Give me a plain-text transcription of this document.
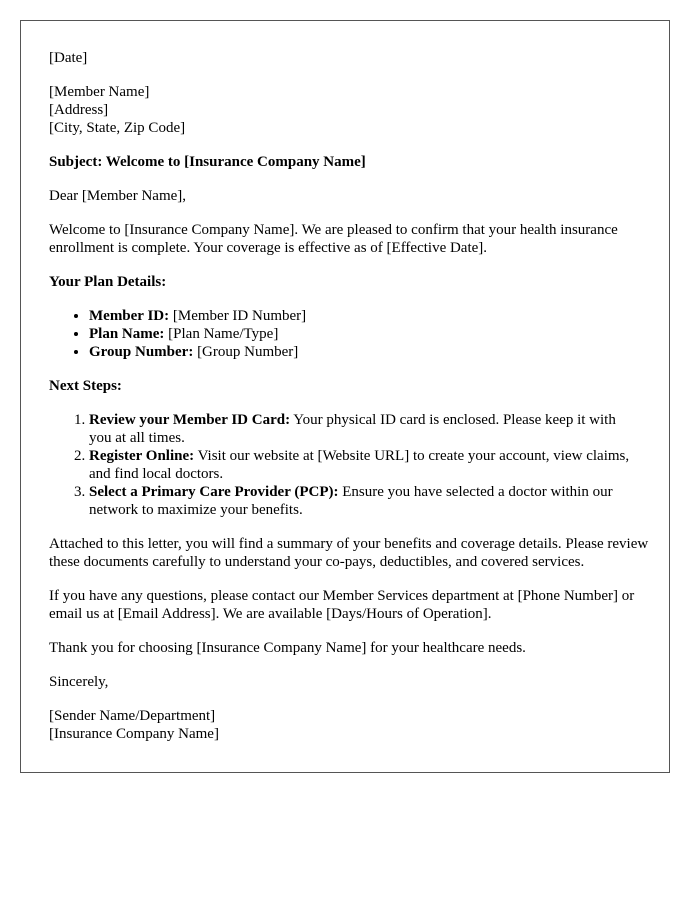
[Date]

[Member Name]
[Address]
[City, State, Zip Code]

Subject: Welcome to [Insurance Company Name]

Dear [Member Name],

Welcome to [Insurance Company Name]. We are pleased to confirm that your health insurance enrollment is complete. Your coverage is effective as of [Effective Date].

Your Plan Details:

• Member ID: [Member ID Number]
• Plan Name: [Plan Name/Type]
• Group Number: [Group Number]

Next Steps:

1. Review your Member ID Card: Your physical ID card is enclosed. Please keep it with you at all times.
2. Register Online: Visit our website at [Website URL] to create your account, view claims, and find local doctors.
3. Select a Primary Care Provider (PCP): Ensure you have selected a doctor within our network to maximize your benefits.

Attached to this letter, you will find a summary of your benefits and coverage details. Please review these documents carefully to understand your co-pays, deductibles, and covered services.

If you have any questions, please contact our Member Services department at [Phone Number] or email us at [Email Address]. We are available [Days/Hours of Operation].

Thank you for choosing [Insurance Company Name] for your healthcare needs.

Sincerely,

[Sender Name/Department]
[Insurance Company Name]
